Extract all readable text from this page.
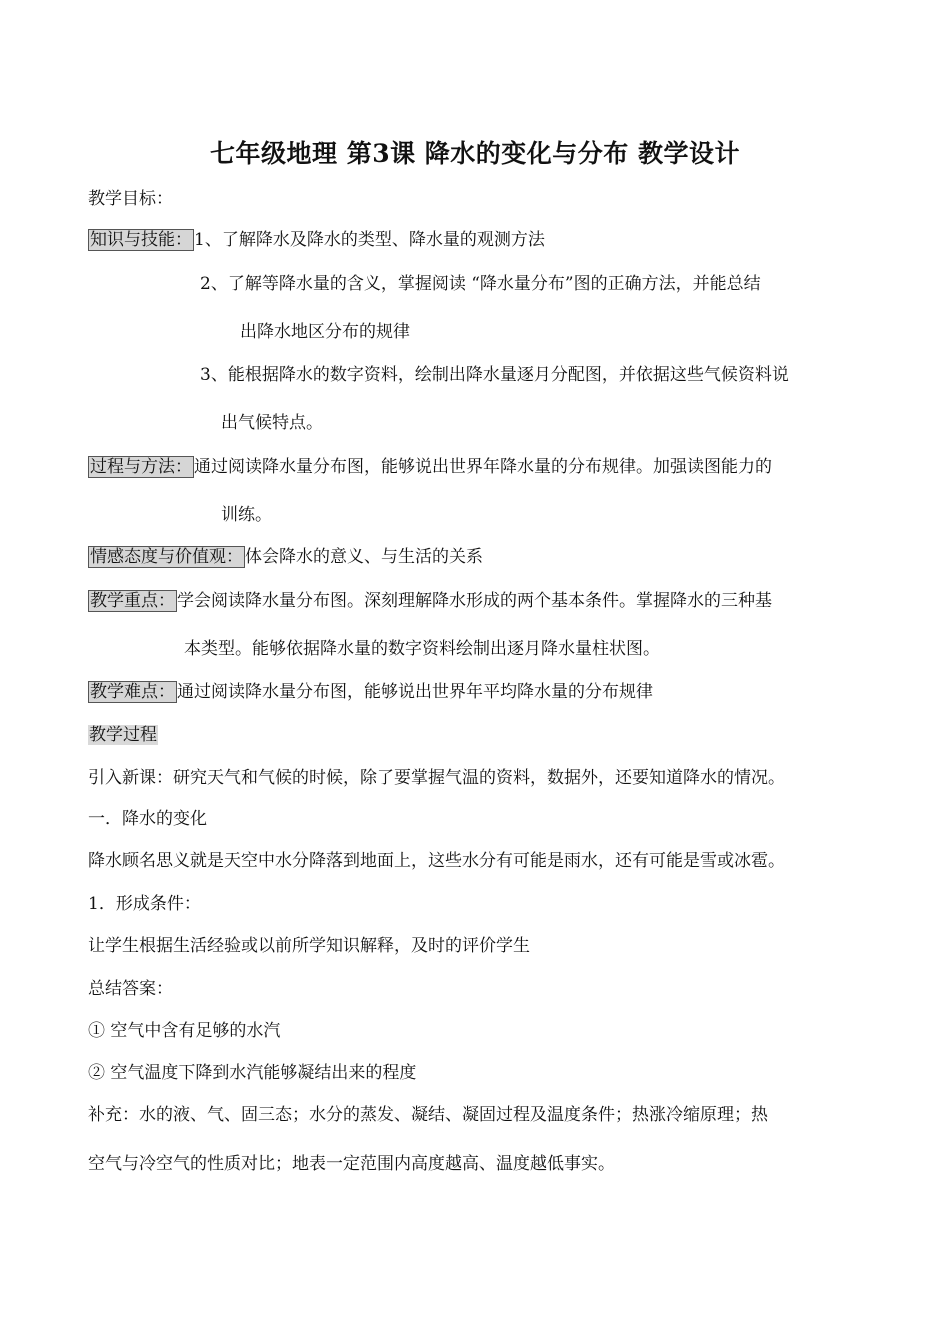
七年级地理 第3课 降水的变化与分布 教学设计
教学目标：
知识与技能： 1、了解降水及降水的类型、降水量的观测方法
2、了解等降水量的含义，掌握阅读 “降水量分布”图的正确方法，并能总结
出降水地区分布的规律
3、能根据降水的数字资料，绘制出降水量逐月分配图，并依据这些气候资料说
出气候特点。
过程与方法： 通过阅读降水量分布图，能够说出世界年降水量的分布规律。加强读图能力的
训练。
情感态度与价值观： 体会降水的意义、与生活的关系
教学重点： 学会阅读降水量分布图。深刻理解降水形成的两个基本条件。掌握降水的三种基
本类型。能够依据降水量的数字资料绘制出逐月降水量柱状图。
教学难点： 通过阅读降水量分布图，能够说出世界年平均降水量的分布规律
教学过程
引入新课：研究天气和气候的时候，除了要掌握气温的资料，数据外，还要知道降水的情况。
一．降水的变化
降水顾名思义就是天空中水分降落到地面上，这些水分有可能是雨水，还有可能是雪或冰雹。
1．形成条件：
让学生根据生活经验或以前所学知识解释，及时的评价学生
总结答案：
① 空气中含有足够的水汽
② 空气温度下降到水汽能够凝结出来的程度
补充：水的液、气、固三态；水分的蒸发、凝结、凝固过程及温度条件；热涨冷缩原理；热
空气与冷空气的性质对比；地表一定范围内高度越高、温度越低事实。
